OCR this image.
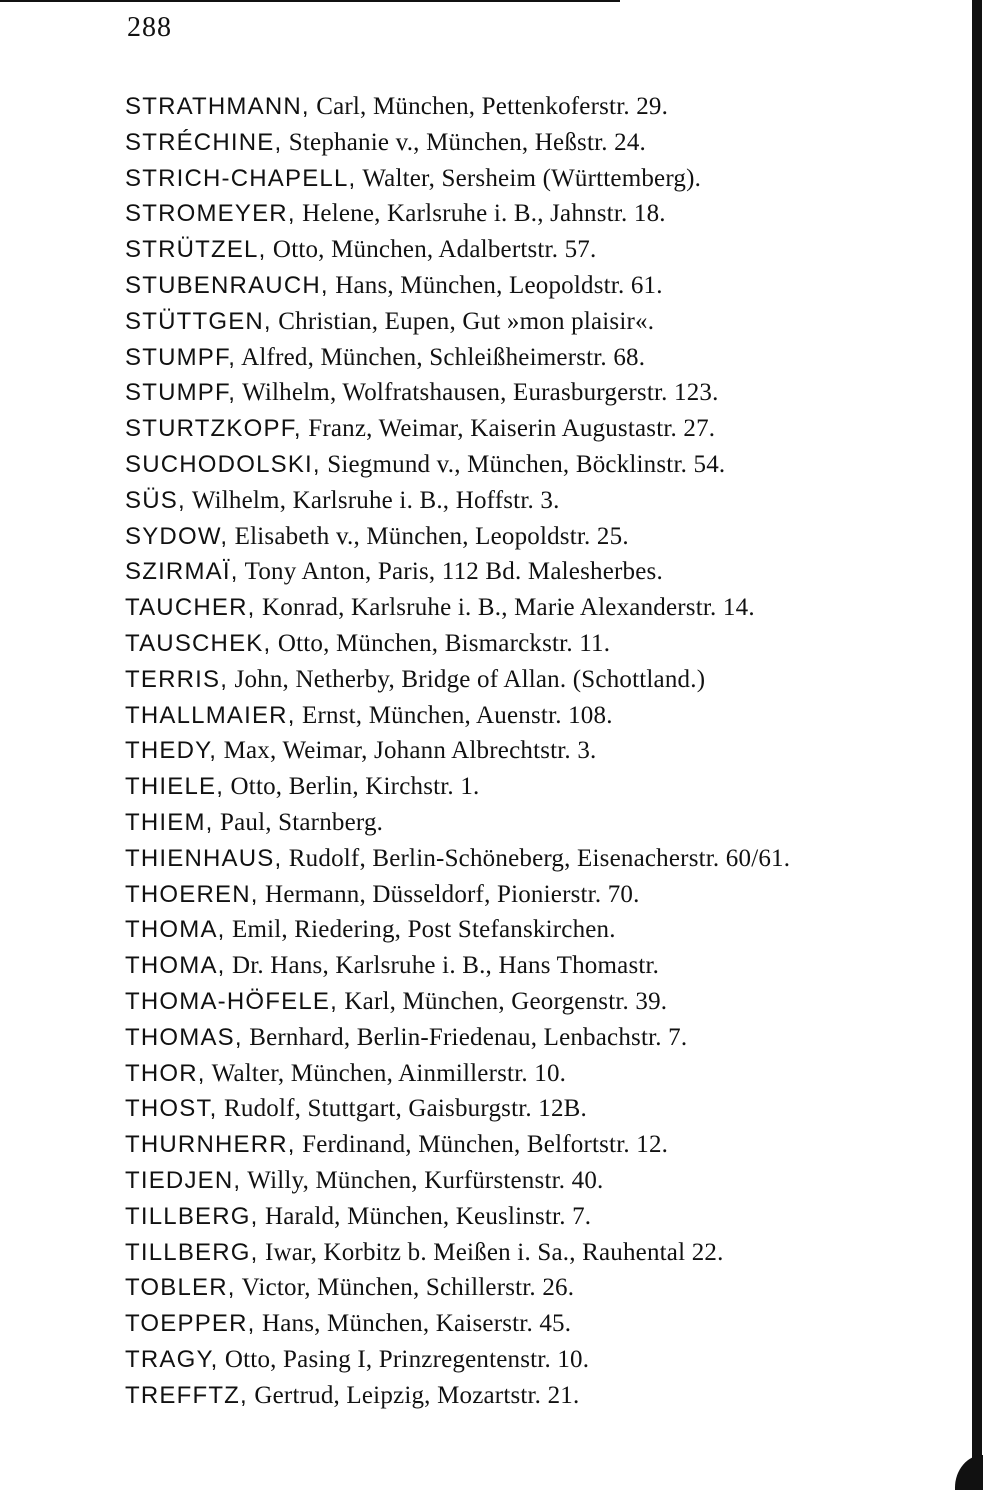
288
STRATHMANN, Carl, München, Pettenkoferstr. 29.
STRÉCHINE, Stephanie v., München, Heßstr. 24.
STRICH-CHAPELL, Walter, Sersheim (Württemberg).
STROMEYER, Helene, Karlsruhe i. B., Jahnstr. 18.
STRÜTZEL, Otto, München, Adalbertstr. 57.
STUBENRAUCH, Hans, München, Leopoldstr. 61.
STÜTTGEN, Christian, Eupen, Gut »mon plaisir«.
STUMPF, Alfred, München, Schleißheimerstr. 68.
STUMPF, Wilhelm, Wolfratshausen, Eurasburgerstr. 123.
STURTZKOPF, Franz, Weimar, Kaiserin Augustastr. 27.
SUCHODOLSKI, Siegmund v., München, Böcklinstr. 54.
SÜS, Wilhelm, Karlsruhe i. B., Hoffstr. 3.
SYDOW, Elisabeth v., München, Leopoldstr. 25.
SZIRMAÏ, Tony Anton, Paris, 112 Bd. Malesherbes.
TAUCHER, Konrad, Karlsruhe i. B., Marie Alexanderstr. 14.
TAUSCHEK, Otto, München, Bismarckstr. 11.
TERRIS, John, Netherby, Bridge of Allan. (Schottland.)
THALLMAIER, Ernst, München, Auenstr. 108.
THEDY, Max, Weimar, Johann Albrechtstr. 3.
THIELE, Otto, Berlin, Kirchstr. 1.
THIEM, Paul, Starnberg.
THIENHAUS, Rudolf, Berlin-Schöneberg, Eisenacherstr. 60/61.
THOEREN, Hermann, Düsseldorf, Pionierstr. 70.
THOMA, Emil, Riedering, Post Stefanskirchen.
THOMA, Dr. Hans, Karlsruhe i. B., Hans Thomastr.
THOMA-HÖFELE, Karl, München, Georgenstr. 39.
THOMAS, Bernhard, Berlin-Friedenau, Lenbachstr. 7.
THOR, Walter, München, Ainmillerstr. 10.
THOST, Rudolf, Stuttgart, Gaisburgstr. 12B.
THURNHERR, Ferdinand, München, Belfortstr. 12.
TIEDJEN, Willy, München, Kurfürstenstr. 40.
TILLBERG, Harald, München, Keuslinstr. 7.
TILLBERG, Iwar, Korbitz b. Meißen i. Sa., Rauhental 22.
TOBLER, Victor, München, Schillerstr. 26.
TOEPPER, Hans, München, Kaiserstr. 45.
TRAGY, Otto, Pasing I, Prinzregentenstr. 10.
TREFFTZ, Gertrud, Leipzig, Mozartstr. 21.
